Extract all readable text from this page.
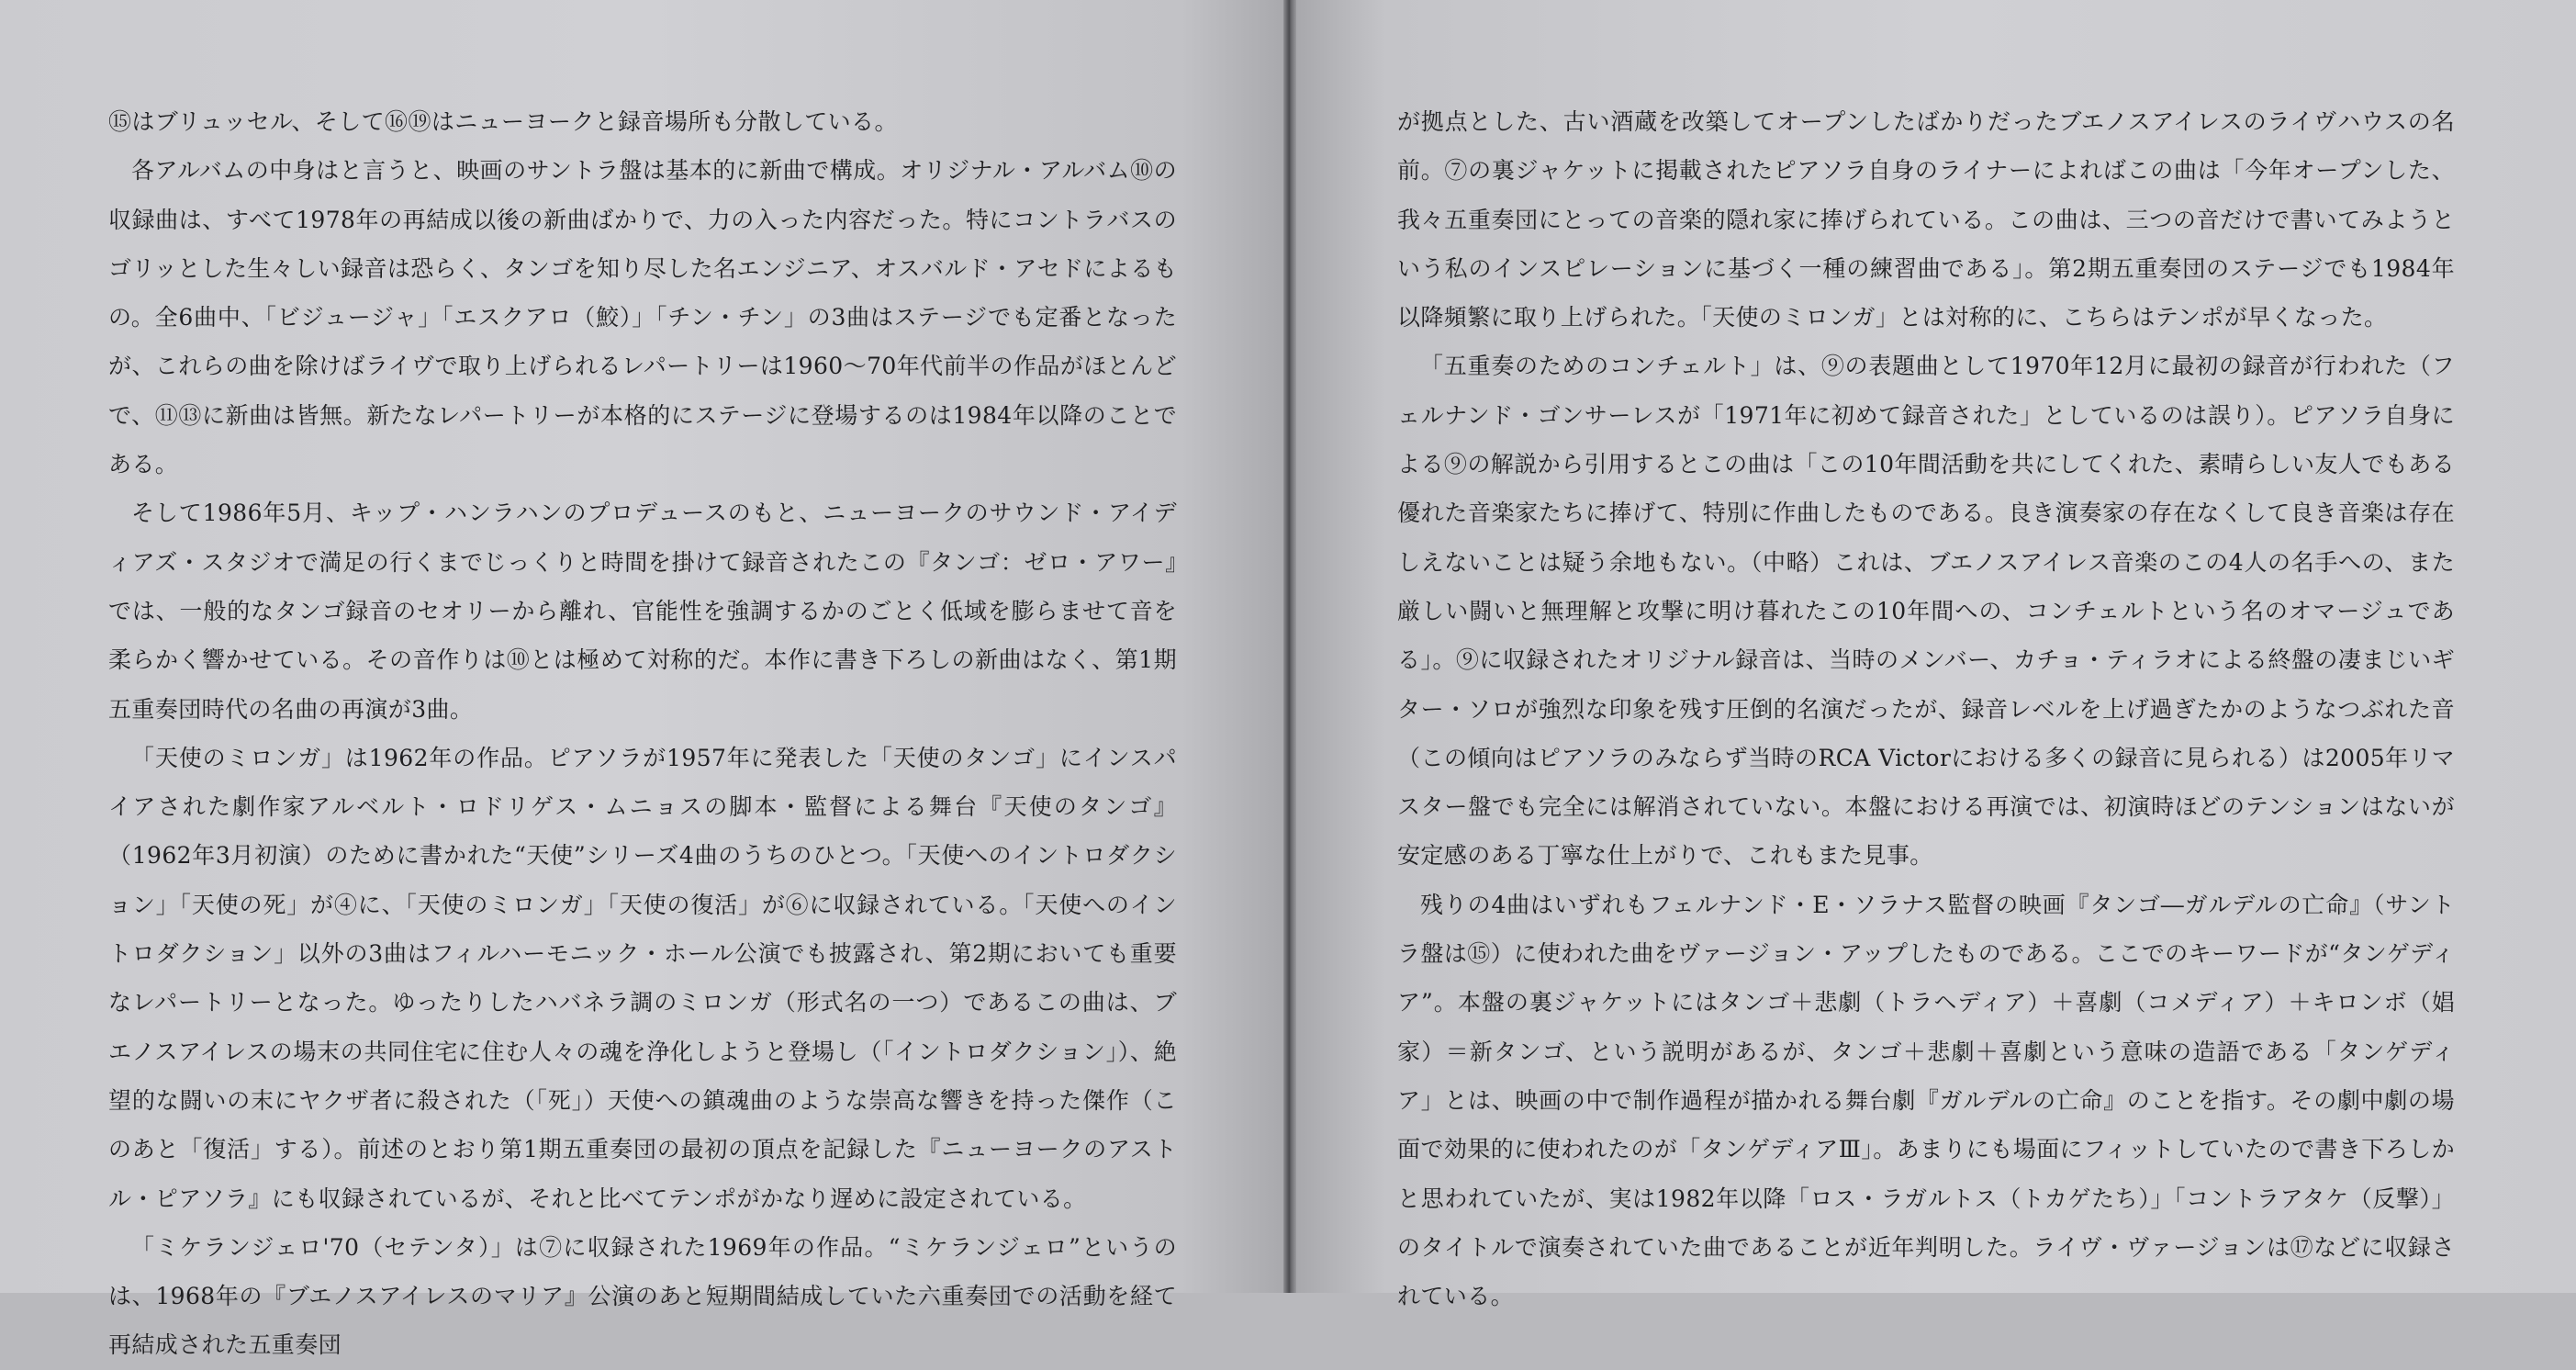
⑮はブリュッセル、そして⑯⑲はニューヨークと録音場所も分散している。

各アルバムの中身はと言うと、映画のサントラ盤は基本的に新曲で構成。オリジナル・アルバム⑩の収録曲は、すべて1978年の再結成以後の新曲ばかりで、力の入った内容だった。特にコントラバスのゴリッとした生々しい録音は恐らく、タンゴを知り尽した名エンジニア、オスバルド・アセドによるもの。全6曲中、「ビジュージャ」「エスクアロ（鮫）」「チン・チン」の3曲はステージでも定番となったが、これらの曲を除けばライヴで取り上げられるレパートリーは1960～70年代前半の作品がほとんどで、⑪⑬に新曲は皆無。新たなレパートリーが本格的にステージに登場するのは1984年以降のことである。

そして1986年5月、キップ・ハンラハンのプロデュースのもと、ニューヨークのサウンド・アイディアズ・スタジオで満足の行くまでじっくりと時間を掛けて録音されたこの『タンゴ：ゼロ・アワー』では、一般的なタンゴ録音のセオリーから離れ、官能性を強調するかのごとく低域を膨らませて音を柔らかく響かせている。その音作りは⑩とは極めて対称的だ。本作に書き下ろしの新曲はなく、第1期五重奏団時代の名曲の再演が3曲。

「天使のミロンガ」は1962年の作品。ピアソラが1957年に発表した「天使のタンゴ」にインスパイアされた劇作家アルベルト・ロドリゲス・ムニョスの脚本・監督による舞台『天使のタンゴ』（1962年3月初演）のために書かれた“天使”シリーズ4曲のうちのひとつ。「天使へのイントロダクション」「天使の死」が④に、「天使のミロンガ」「天使の復活」が⑥に収録されている。「天使へのイントロダクション」以外の3曲はフィルハーモニック・ホール公演でも披露され、第2期においても重要なレパートリーとなった。ゆったりしたハバネラ調のミロンガ（形式名の一つ）であるこの曲は、ブエノスアイレスの場末の共同住宅に住む人々の魂を浄化しようと登場し（「イントロダクション」）、絶望的な闘いの末にヤクザ者に殺された（「死」）天使への鎮魂曲のような崇高な響きを持った傑作（このあと「復活」する）。前述のとおり第1期五重奏団の最初の頂点を記録した『ニューヨークのアストル・ピアソラ』にも収録されているが、それと比べてテンポがかなり遅めに設定されている。

「ミケランジェロ'70（セテンタ）」は⑦に収録された1969年の作品。“ミケランジェロ”というのは、1968年の『ブエノスアイレスのマリア』公演のあと短期間結成していた六重奏団での活動を経て再結成された五重奏団

が拠点とした、古い酒蔵を改築してオープンしたばかりだったブエノスアイレスのライヴハウスの名前。⑦の裏ジャケットに掲載されたピアソラ自身のライナーによればこの曲は「今年オープンした、我々五重奏団にとっての音楽的隠れ家に捧げられている。この曲は、三つの音だけで書いてみようという私のインスピレーションに基づく一種の練習曲である」。第2期五重奏団のステージでも1984年以降頻繁に取り上げられた。「天使のミロンガ」とは対称的に、こちらはテンポが早くなった。

「五重奏のためのコンチェルト」は、⑨の表題曲として1970年12月に最初の録音が行われた（フェルナンド・ゴンサーレスが「1971年に初めて録音された」としているのは誤り）。ピアソラ自身による⑨の解説から引用するとこの曲は「この10年間活動を共にしてくれた、素晴らしい友人でもある優れた音楽家たちに捧げて、特別に作曲したものである。良き演奏家の存在なくして良き音楽は存在しえないことは疑う余地もない。（中略）これは、ブエノスアイレス音楽のこの4人の名手への、また厳しい闘いと無理解と攻撃に明け暮れたこの10年間への、コンチェルトという名のオマージュである」。⑨に収録されたオリジナル録音は、当時のメンバー、カチョ・ティラオによる終盤の凄まじいギター・ソロが強烈な印象を残す圧倒的名演だったが、録音レベルを上げ過ぎたかのようなつぶれた音（この傾向はピアソラのみならず当時のRCA Victorにおける多くの録音に見られる）は2005年リマスター盤でも完全には解消されていない。本盤における再演では、初演時ほどのテンションはないが安定感のある丁寧な仕上がりで、これもまた見事。

残りの4曲はいずれもフェルナンド・E・ソラナス監督の映画『タンゴ―ガルデルの亡命』（サントラ盤は⑮）に使われた曲をヴァージョン・アップしたものである。ここでのキーワードが“タンゲディア”。本盤の裏ジャケットにはタンゴ＋悲劇（トラヘディア）＋喜劇（コメディア）＋キロンボ（娼家）＝新タンゴ、という説明があるが、タンゴ＋悲劇＋喜劇という意味の造語である「タンゲディア」とは、映画の中で制作過程が描かれる舞台劇『ガルデルの亡命』のことを指す。その劇中劇の場面で効果的に使われたのが「タンゲディアⅢ」。あまりにも場面にフィットしていたので書き下ろしかと思われていたが、実は1982年以降「ロス・ラガルトス（トカゲたち）」「コントラアタケ（反撃）」のタイトルで演奏されていた曲であることが近年判明した。ライヴ・ヴァージョンは⑰などに収録されている。
